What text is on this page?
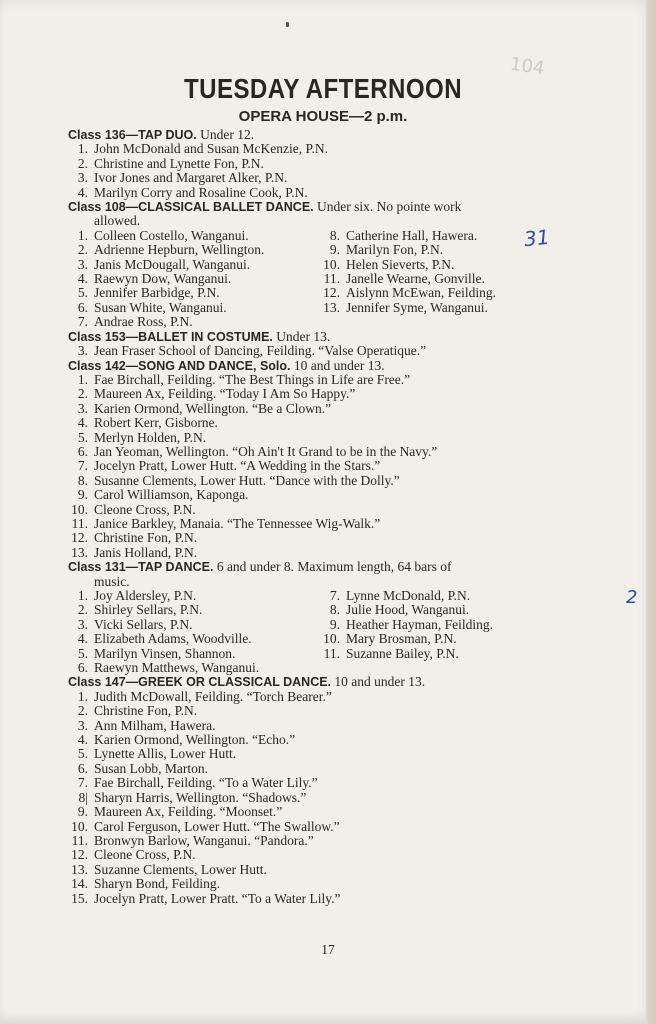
104
TUESDAY AFTERNOON
OPERA HOUSE—2 p.m.

Class 136—TAP DUO. Under 12.

1. John McDonald and Susan McKenzie, P.N.
2. Christine and Lynette Fon, P.N.
3. Ivor Jones and Margaret Alker, P.N.
4. Marilyn Corry and Rosaline Cook, P.N.

Class 108—CLASSICAL BALLET DANCE. Under six. No pointe work

allowed.

1. Colleen Costello, Wanganui.
2. Adrienne Hepburn, Wellington.
3. Janis McDougall, Wanganui.
4. Raewyn Dow, Wanganui.
5. Jennifer Barbidge, P.N.
6. Susan White, Wanganui.
7. Andrae Ross, P.N.
8. Catherine Hall, Hawera.
9. Marilyn Fon, P.N.
10. Helen Sieverts, P.N.
11. Janelle Wearne, Gonville.
12. Aislynn McEwan, Feilding.
13. Jennifer Syme, Wanganui.

Class 153—BALLET IN COSTUME. Under 13.

3. Jean Fraser School of Dancing, Feilding. “Valse Operatique.”

Class 142—SONG AND DANCE, Solo. 10 and under 13.

1. Fae Birchall, Feilding. “The Best Things in Life are Free.”
2. Maureen Ax, Feilding. “Today I Am So Happy.”
3. Karien Ormond, Wellington. “Be a Clown.”
4. Robert Kerr, Gisborne.
5. Merlyn Holden, P.N.
6. Jan Yeoman, Wellington. “Oh Ain't It Grand to be in the Navy.”
7. Jocelyn Pratt, Lower Hutt. “A Wedding in the Stars.”
8. Susanne Clements, Lower Hutt. “Dance with the Dolly.”
9. Carol Williamson, Kaponga.
10. Cleone Cross, P.N.
11. Janice Barkley, Manaia. “The Tennessee Wig-Walk.”
12. Christine Fon, P.N.
13. Janis Holland, P.N.

Class 131—TAP DANCE. 6 and under 8. Maximum length, 64 bars of

music.

1. Joy Aldersley, P.N.
2. Shirley Sellars, P.N.
3. Vicki Sellars, P.N.
4. Elizabeth Adams, Woodville.
5. Marilyn Vinsen, Shannon.
6. Raewyn Matthews, Wanganui.
7. Lynne McDonald, P.N.
8. Julie Hood, Wanganui.
9. Heather Hayman, Feilding.
10. Mary Brosman, P.N.
11. Suzanne Bailey, P.N.

Class 147—GREEK OR CLASSICAL DANCE. 10 and under 13.

1. Judith McDowall, Feilding. “Torch Bearer.”
2. Christine Fon, P.N.
3. Ann Milham, Hawera.
4. Karien Ormond, Wellington. “Echo.”
5. Lynette Allis, Lower Hutt.
6. Susan Lobb, Marton.
7. Fae Birchall, Feilding. “To a Water Lily.”
8| Sharyn Harris, Wellington. “Shadows.”
9. Maureen Ax, Feilding. “Moonset.”
10. Carol Ferguson, Lower Hutt. “The Swallow.”
11. Bronwyn Barlow, Wanganui. “Pandora.”
12. Cleone Cross, P.N.
13. Suzanne Clements, Lower Hutt.
14. Sharyn Bond, Feilding.
15. Jocelyn Pratt, Lower Pratt. “To a Water Lily.”
31
2
17
